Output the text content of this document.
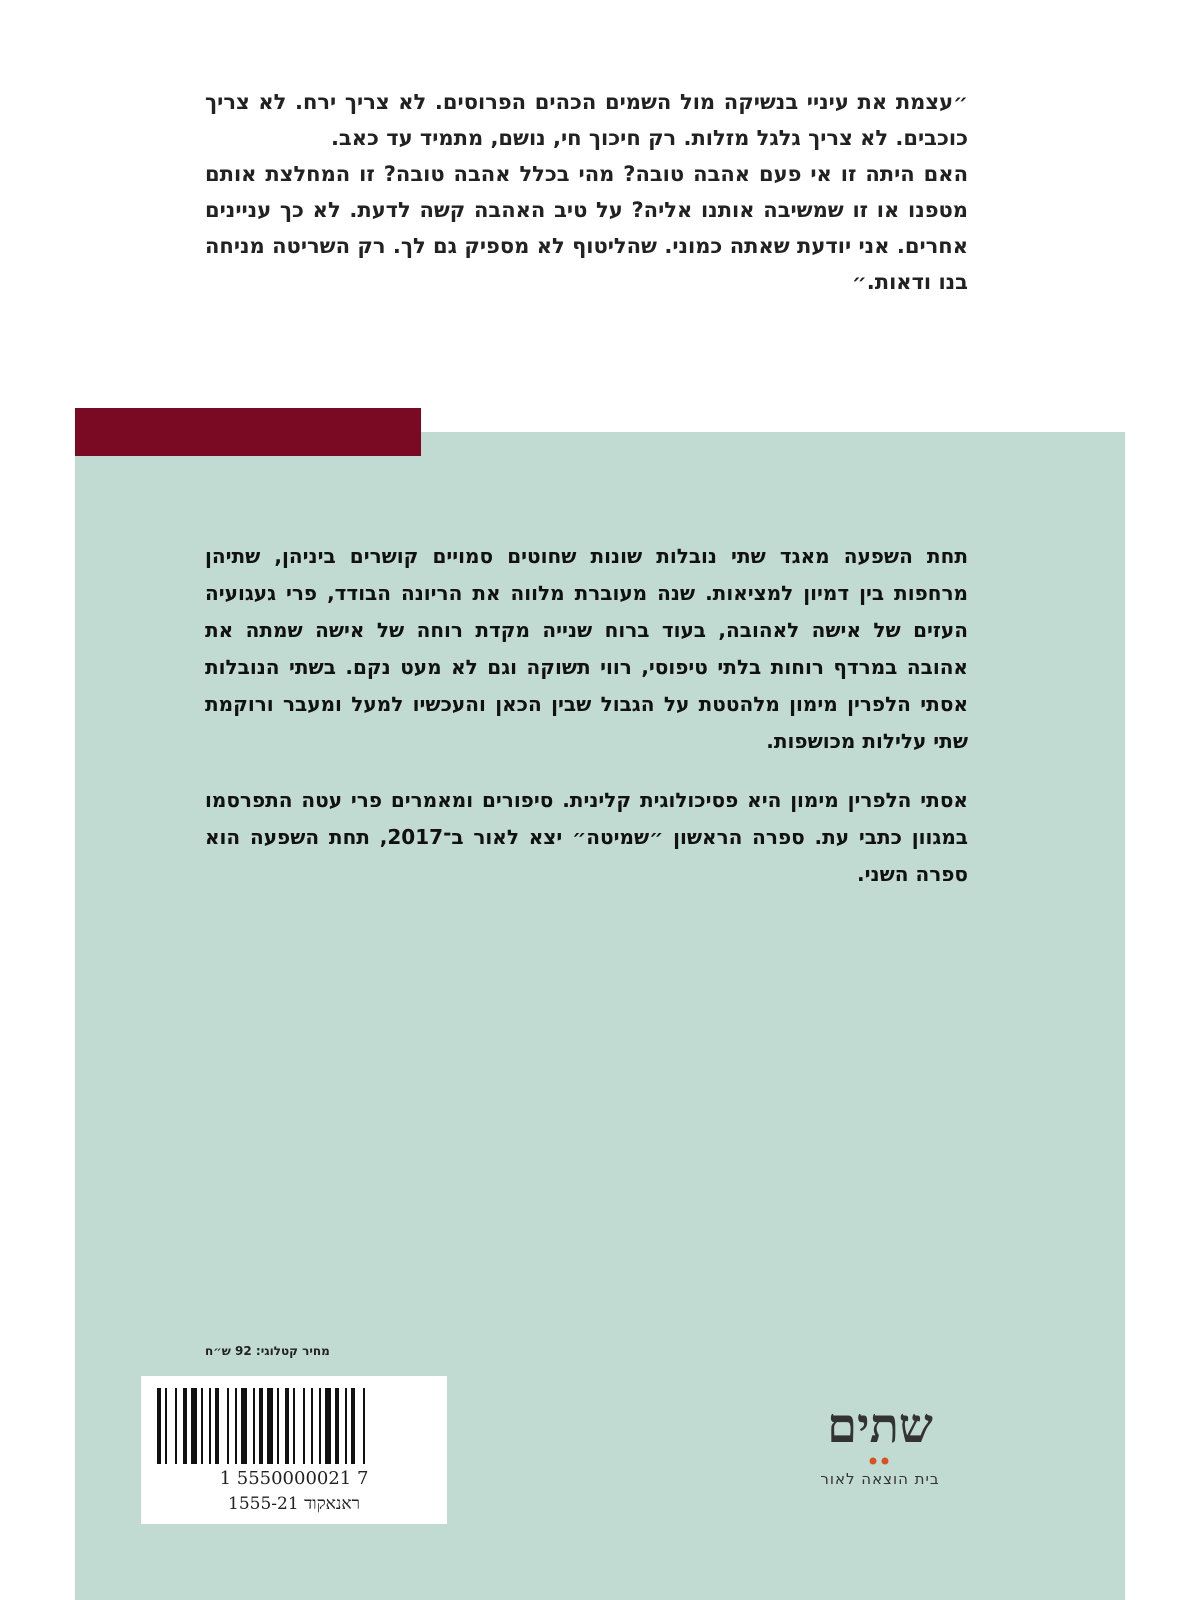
״עצמת את עיניי בנשיקה מול השמים הכהים הפרוסים. לא צריך ירח. לא צריך כוכבים. לא צריך גלגל מזלות. רק חיכוך חי, נושם, מתמיד עד כאב.

האם היתה זו אי פעם אהבה טובה? מהי בכלל אהבה טובה? זו המחלצת אותם מטפנו או זו שמשיבה אותנו אליה? על טיב האהבה קשה לדעת. לא כך עניינים אחרים. אני יודעת שאתה כמוני. שהליטוף לא מספיק גם לך. רק השריטה מניחה בנו ודאות.״

תחת השפעה מאגד שתי נובלות שונות שחוטים סמויים קושרים ביניהן, שתיהן מרחפות בין דמיון למציאות. שנה מעוברת מלווה את הריונה הבודד, פרי געגועיה העזים של אישה לאהובה, בעוד ברוח שנייה מקדת רוחה של אישה שמתה את אהובה במרדף רוחות בלתי טיפוסי, רווי תשוקה וגם לא מעט נקם. בשתי הנובלות אסתי הלפרין מימון מלהטטת על הגבול שבין הכאן והעכשיו למעל ומעבר ורוקמת שתי עלילות מכושפות.

אסתי הלפרין מימון היא פסיכולוגית קלינית. סיפורים ומאמרים פרי עטה התפרסמו במגוון כתבי עת. ספרה הראשון ״שמיטה״ יצא לאור ב־2017, תחת השפעה הוא ספרה השני.

מחיר קטלוגי: 92 ש״ח
1 5550000021 7
1555-21 ראנאקוד
שתים
בית הוצאה לאור
